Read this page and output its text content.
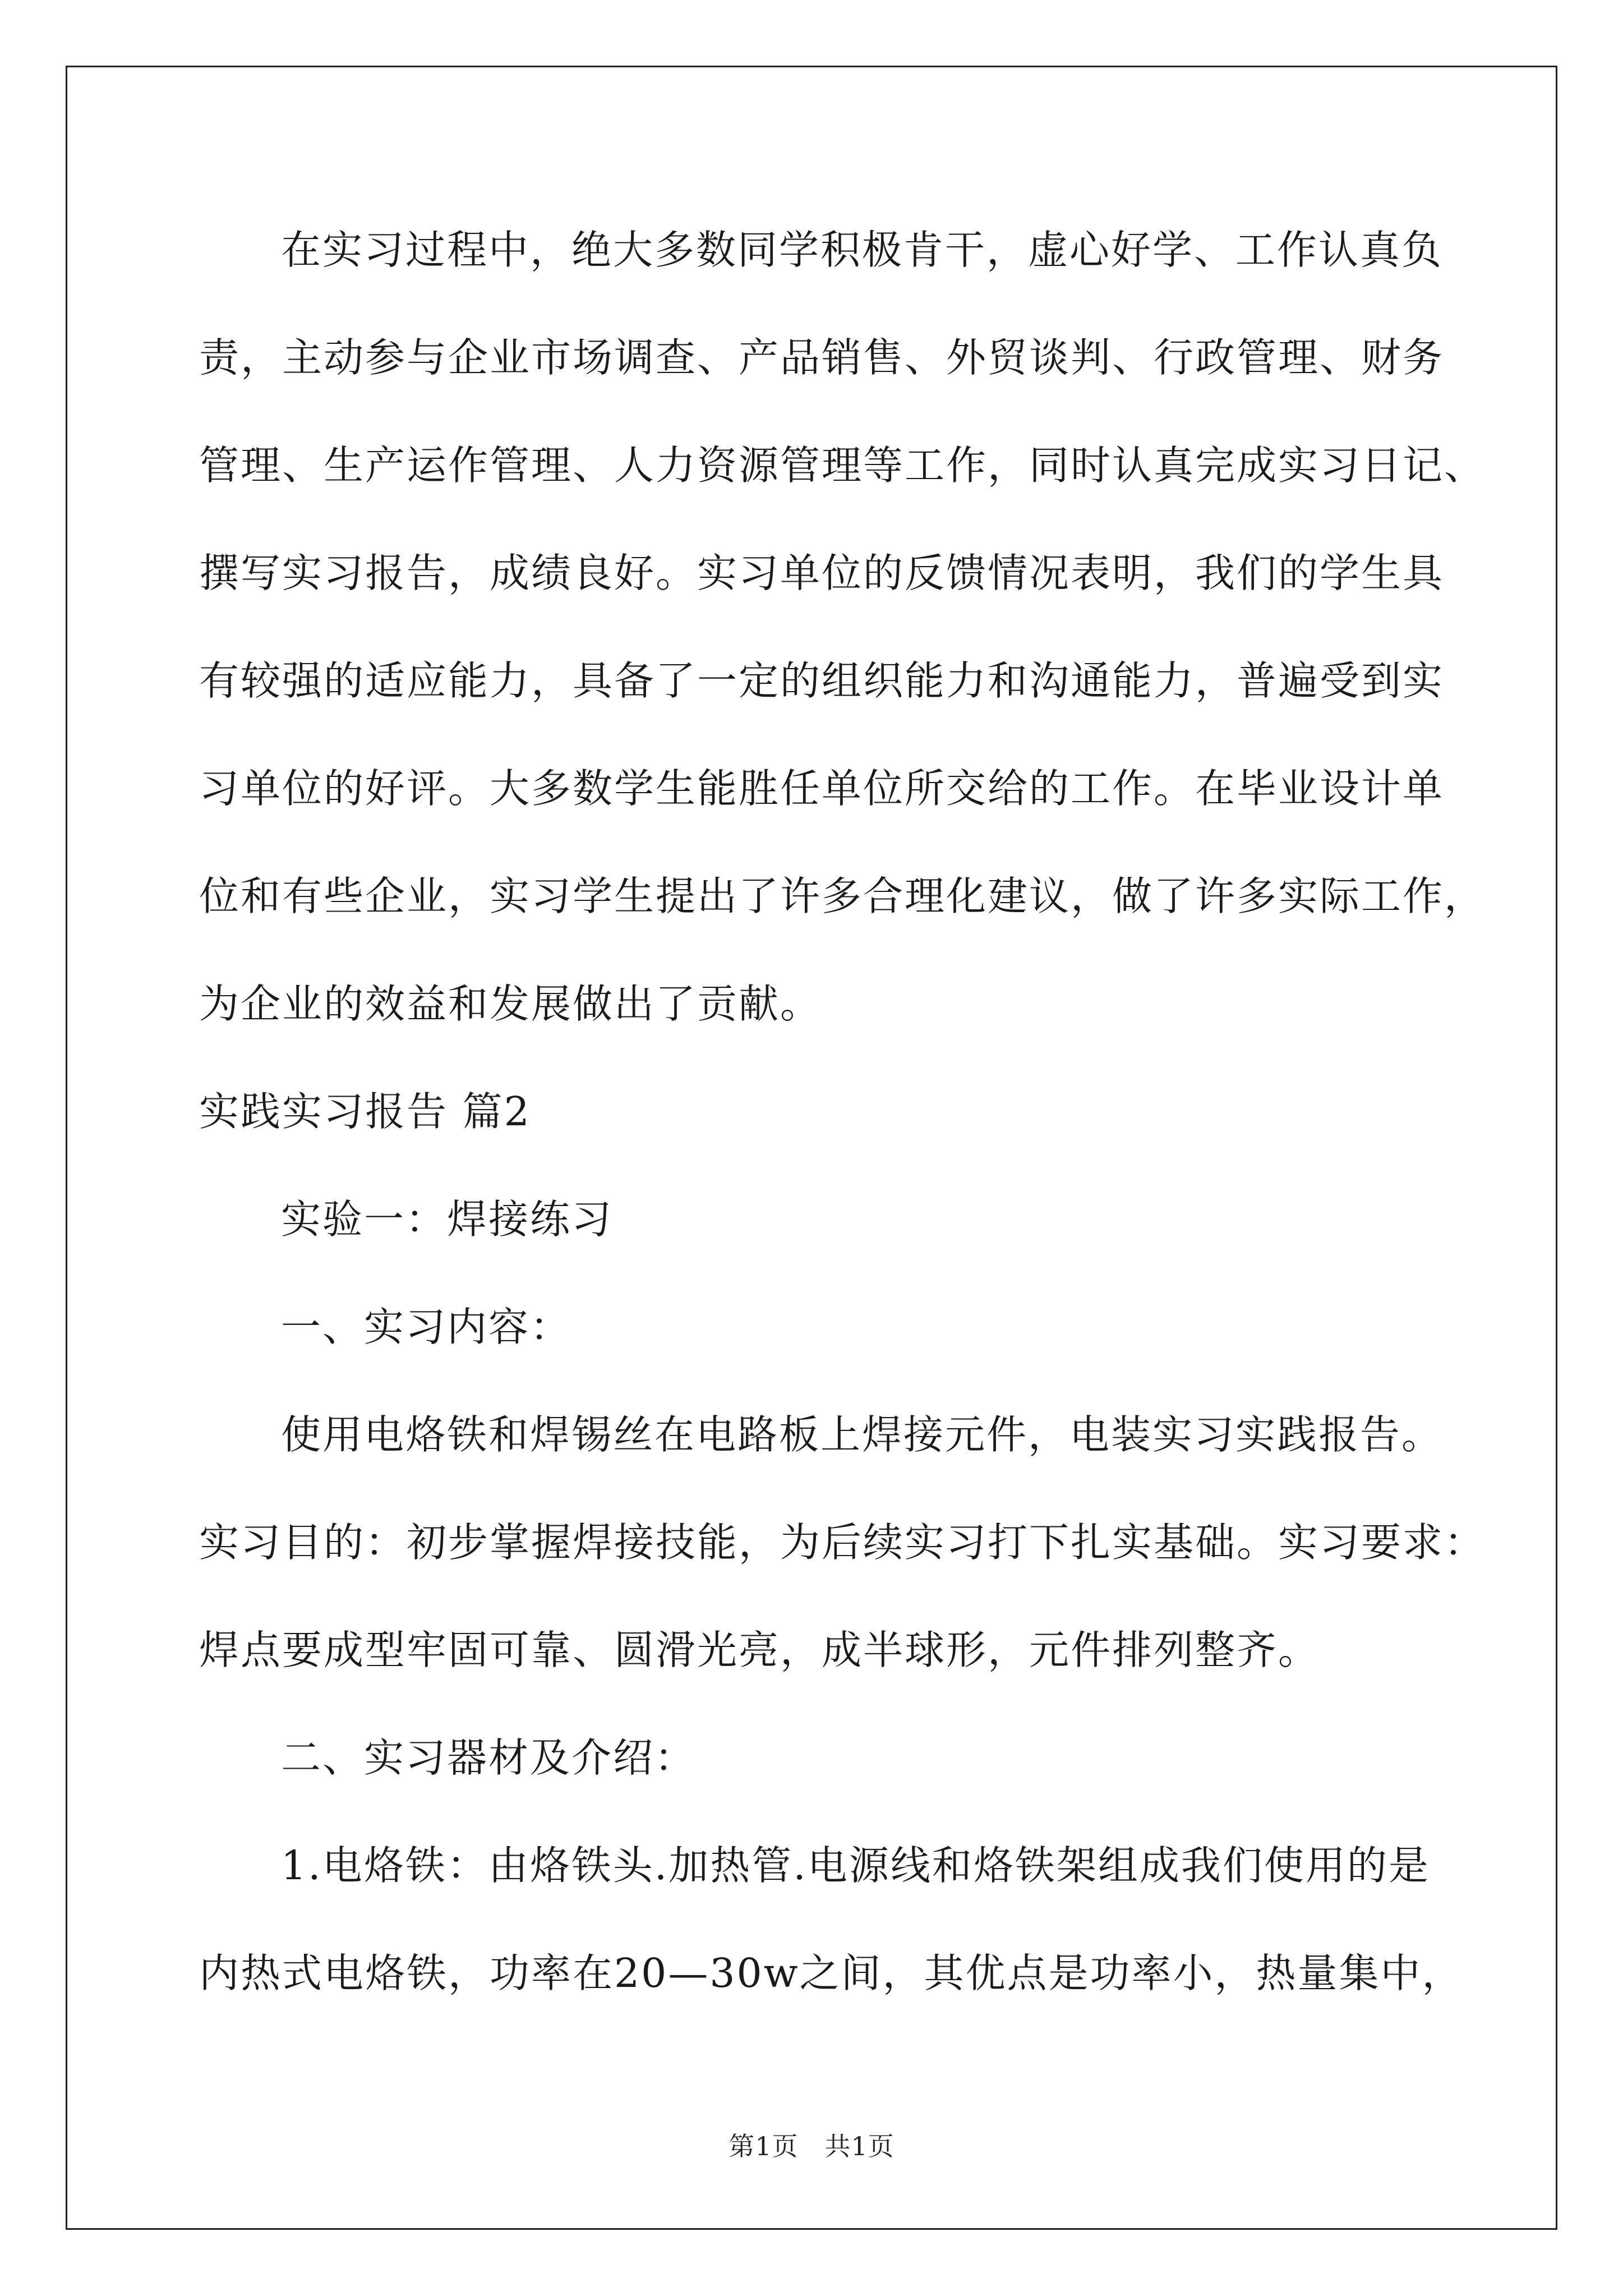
在实习过程中，绝大多数同学积极肯干，虚心好学、工作认真负
责，主动参与企业市场调查、产品销售、外贸谈判、行政管理、财务
管理、生产运作管理、人力资源管理等工作，同时认真完成实习日记、
撰写实习报告，成绩良好。实习单位的反馈情况表明，我们的学生具
有较强的适应能力，具备了一定的组织能力和沟通能力，普遍受到实
习单位的好评。大多数学生能胜任单位所交给的工作。在毕业设计单
位和有些企业，实习学生提出了许多合理化建议，做了许多实际工作，
为企业的效益和发展做出了贡献。
实践实习报告 篇2
实验一：焊接练习
一、实习内容：
使用电烙铁和焊锡丝在电路板上焊接元件，电装实习实践报告。
实习目的：初步掌握焊接技能，为后续实习打下扎实基础。实习要求：
焊点要成型牢固可靠、圆滑光亮，成半球形，元件排列整齐。
二、实习器材及介绍：
1.电烙铁：由烙铁头.加热管.电源线和烙铁架组成我们使用的是
内热式电烙铁，功率在20—30w之间，其优点是功率小，热量集中，
第1页　共1页
